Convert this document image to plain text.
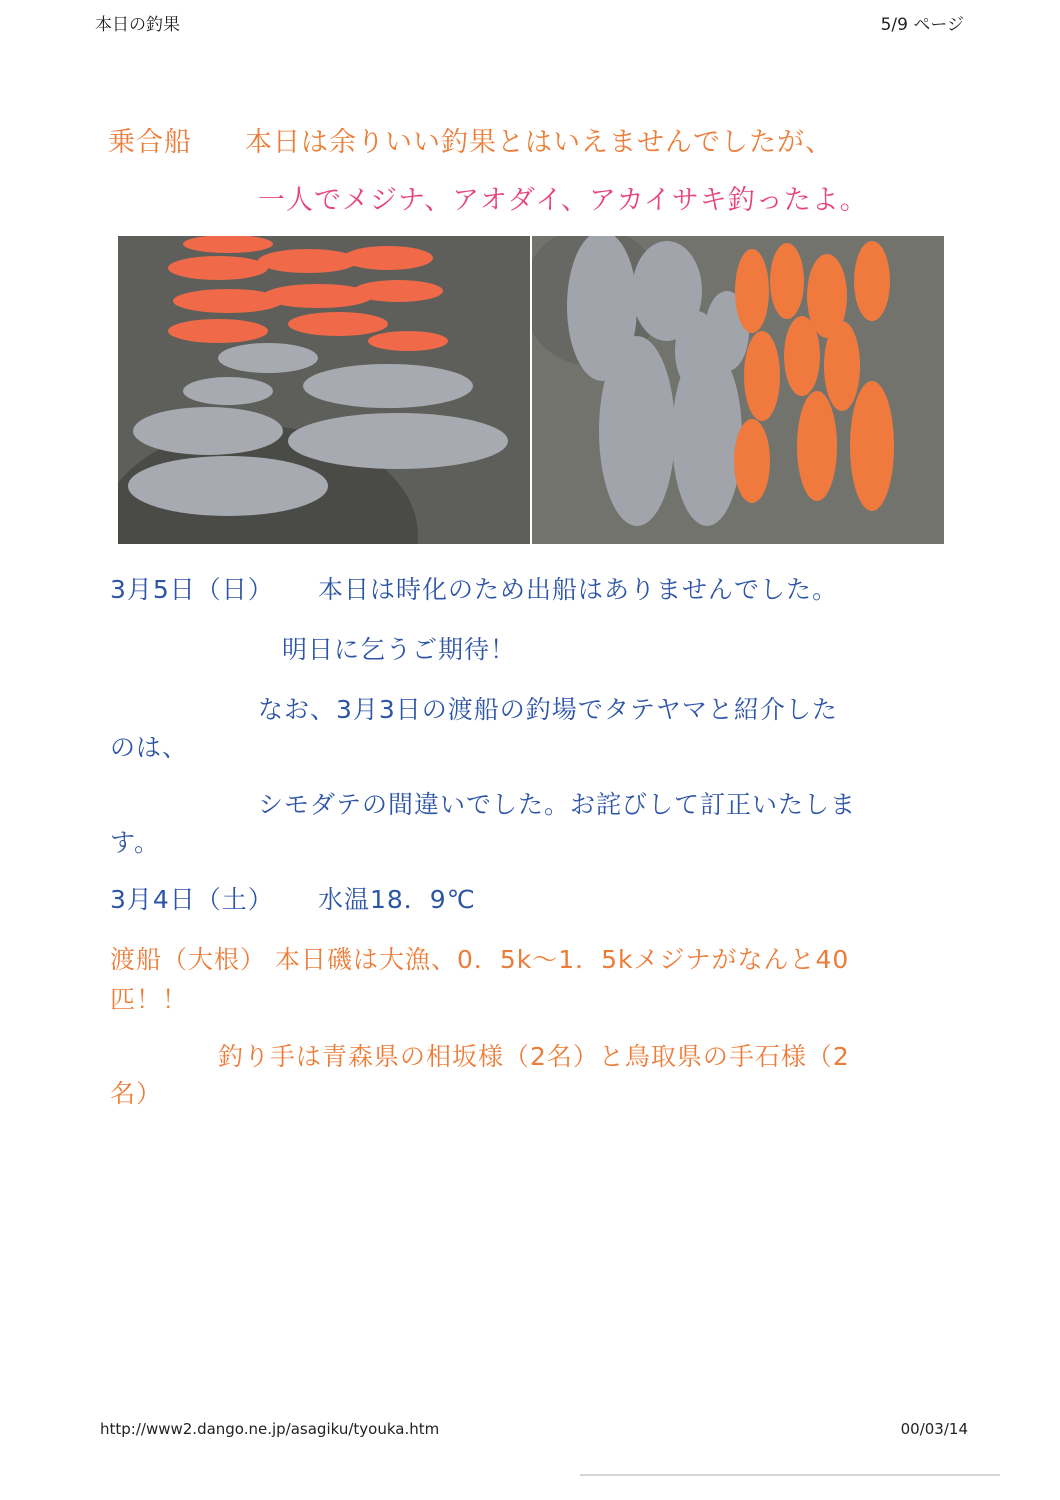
本日の釣果	5/9 ページ
乗合船 本日は余りいい釣果とはいえませんでしたが、
一人でメジナ、アオダイ、アカイサキ釣ったよ。
3月5日（日） 本日は時化のため出船はありませんでした。
明日に乞うご期待！
なお、3月3日の渡船の釣場でタテヤマと紹介した
のは、
シモダテの間違いでした。お詫びして訂正いたしま
す。
3月4日（土） 水温18．9℃
渡船（大根） 本日磯は大漁、0．5k～1．5kメジナがなんと40
匹！！
釣り手は青森県の相坂様（2名）と鳥取県の手石様（2
名）
http://www2.dango.ne.jp/asagiku/tyouka.htm	00/03/14
